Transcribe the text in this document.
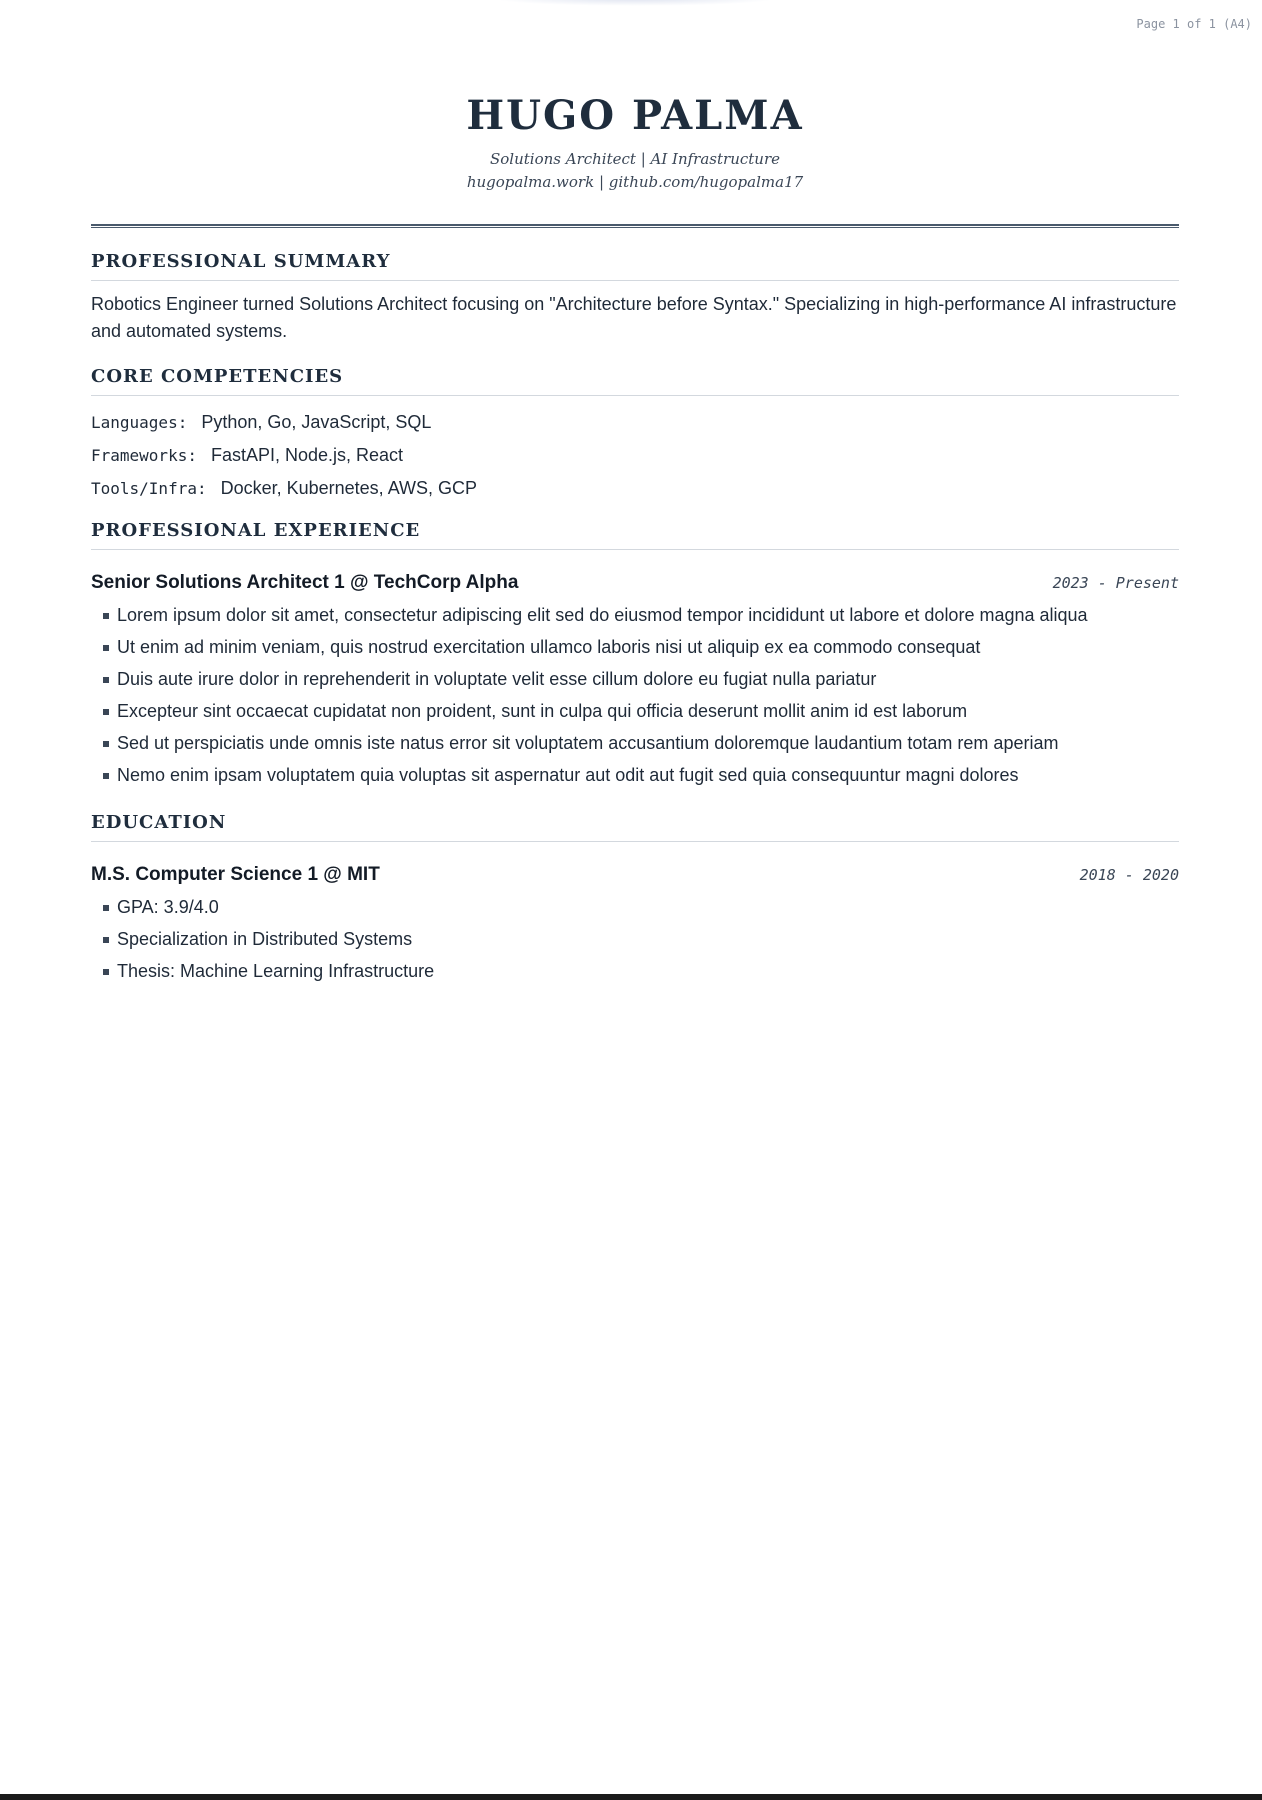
Page 1 of 1 (A4)
HUGO PALMA
Solutions Architect | AI Infrastructure
hugopalma.work | github.com/hugopalma17
PROFESSIONAL SUMMARY

Robotics Engineer turned Solutions Architect focusing on "Architecture before Syntax." Specializing in high-performance AI infrastructure and automated systems.

CORE COMPETENCIES
Languages: Python, Go, JavaScript, SQL
Frameworks: FastAPI, Node.js, React
Tools/Infra: Docker, Kubernetes, AWS, GCP
PROFESSIONAL EXPERIENCE
Senior Solutions Architect 1 @ TechCorp Alpha	2023 - Present
Lorem ipsum dolor sit amet, consectetur adipiscing elit sed do eiusmod tempor incididunt ut labore et dolore magna aliqua
Ut enim ad minim veniam, quis nostrud exercitation ullamco laboris nisi ut aliquip ex ea commodo consequat
Duis aute irure dolor in reprehenderit in voluptate velit esse cillum dolore eu fugiat nulla pariatur
Excepteur sint occaecat cupidatat non proident, sunt in culpa qui officia deserunt mollit anim id est laborum
Sed ut perspiciatis unde omnis iste natus error sit voluptatem accusantium doloremque laudantium totam rem aperiam
Nemo enim ipsam voluptatem quia voluptas sit aspernatur aut odit aut fugit sed quia consequuntur magni dolores
EDUCATION
M.S. Computer Science 1 @ MIT	2018 - 2020
GPA: 3.9/4.0
Specialization in Distributed Systems
Thesis: Machine Learning Infrastructure
